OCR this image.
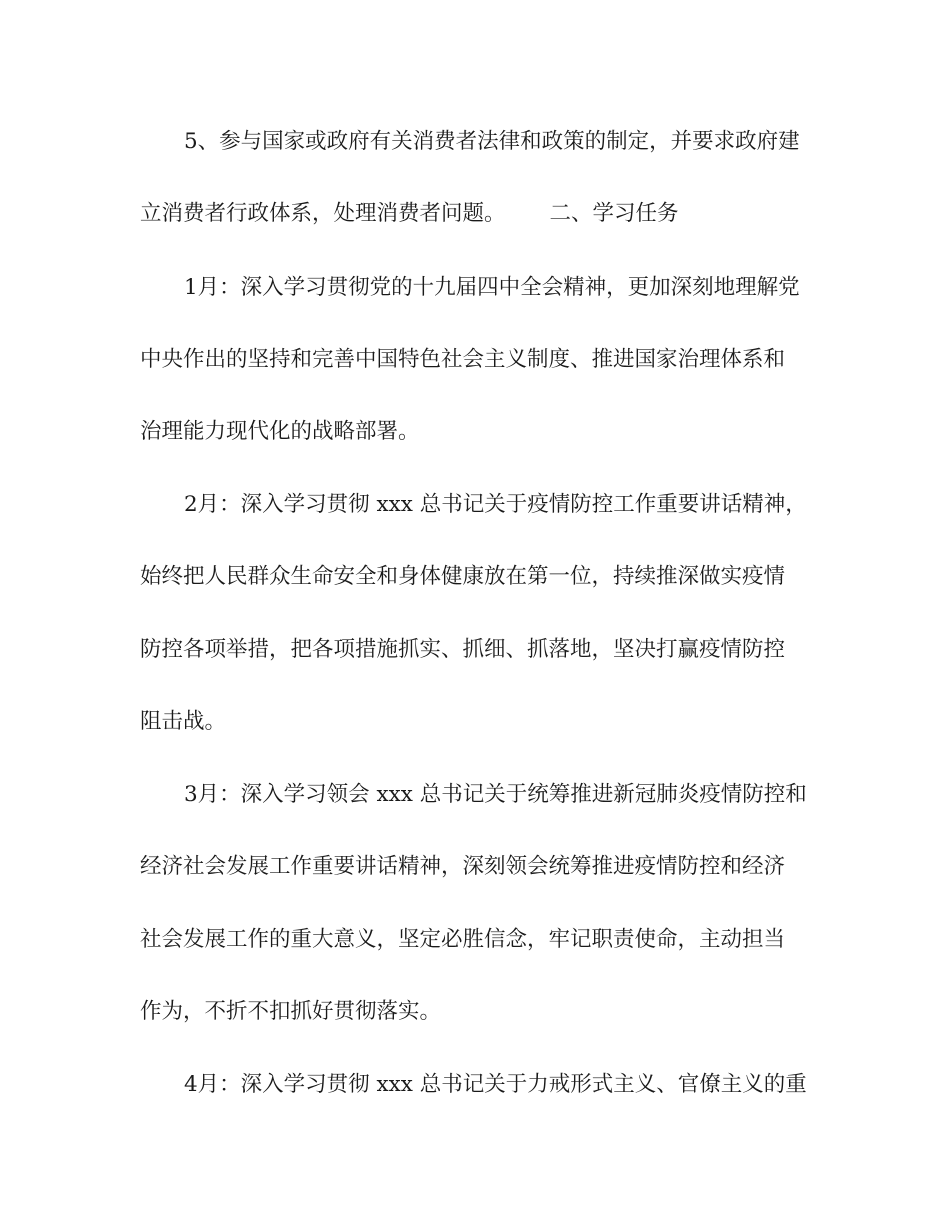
5、参与国家或政府有关消费者法律和政策的制定，并要求政府建
立消费者行政体系，处理消费者问题。 二、学习任务
1月：深入学习贯彻党的十九届四中全会精神，更加深刻地理解党
中央作出的坚持和完善中国特色社会主义制度、推进国家治理体系和
治理能力现代化的战略部署。
2月：深入学习贯彻 xxx 总书记关于疫情防控工作重要讲话精神，
始终把人民群众生命安全和身体健康放在第一位，持续推深做实疫情
防控各项举措，把各项措施抓实、抓细、抓落地，坚决打赢疫情防控
阻击战。
3月：深入学习领会 xxx 总书记关于统筹推进新冠肺炎疫情防控和
经济社会发展工作重要讲话精神，深刻领会统筹推进疫情防控和经济
社会发展工作的重大意义，坚定必胜信念，牢记职责使命，主动担当
作为，不折不扣抓好贯彻落实。
4月：深入学习贯彻 xxx 总书记关于力戒形式主义、官僚主义的重
